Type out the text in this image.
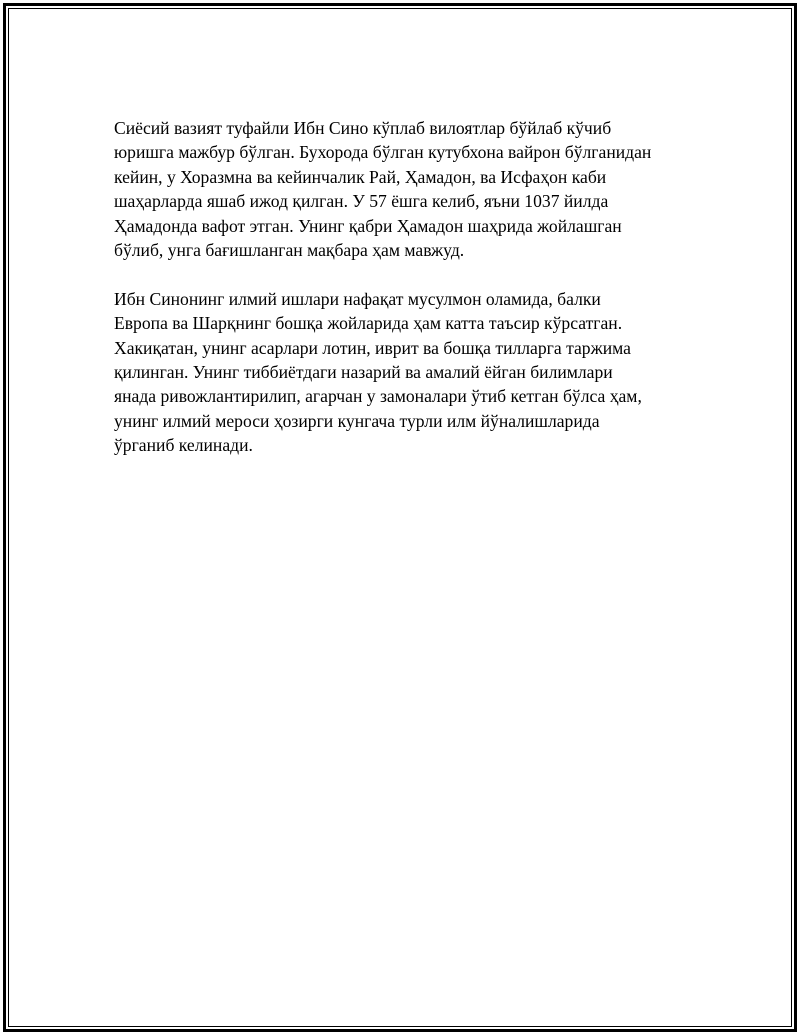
Сиёсий вазият туфайли Ибн Сино кўплаб вилоятлар бўйлаб кўчиб
юришга мажбур бўлган. Бухорода бўлган кутубхона вайрон бўлганидан
кейин, у Хоразмна ва кейинчалик Рай, Ҳамадон, ва Исфаҳон каби
шаҳарларда яшаб ижод қилган. У 57 ёшга келиб, яъни 1037 йилда
Ҳамадонда вафот этган. Унинг қабри Ҳамадон шаҳрида жойлашган
бўлиб, унга бағишланган мақбара ҳам мавжуд.
Ибн Синонинг илмий ишлари нафақат мусулмон оламида, балки
Европа ва Шарқнинг бошқа жойларида ҳам катта таъсир кўрсатган.
Хакиқатан, унинг асарлари лотин, иврит ва бошқа тилларга таржима
қилинган. Унинг тиббиётдаги назарий ва амалий ёйган билимлари
янада ривожлантирилип, агарчан у замоналари ўтиб кетган бўлса ҳам,
унинг илмий мероси ҳозирги кунгача турли илм йўналишларида
ўрганиб келинади.
